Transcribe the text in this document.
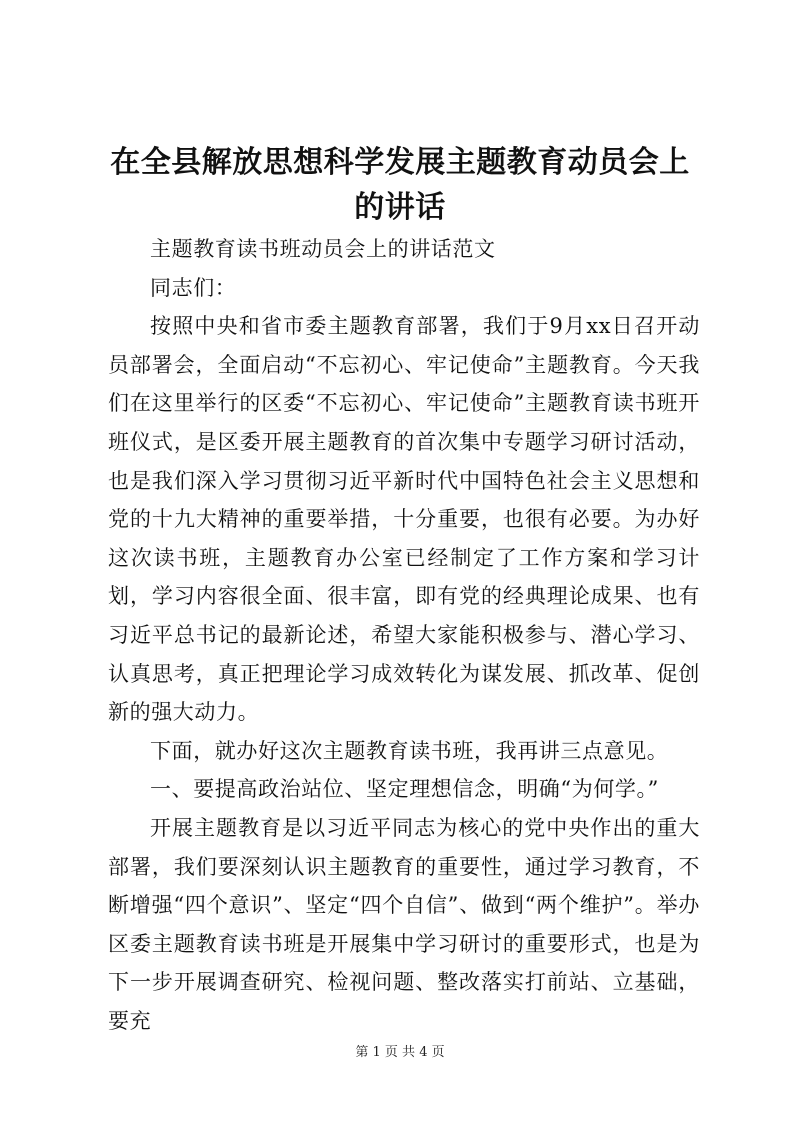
在全县解放思想科学发展主题教育动员会上的讲话

主题教育读书班动员会上的讲话范文

同志们：

按照中央和省市委主题教育部署，我们于9月xx日召开动员部署会，全面启动“不忘初心、牢记使命”主题教育。今天我们在这里举行的区委“不忘初心、牢记使命”主题教育读书班开班仪式，是区委开展主题教育的首次集中专题学习研讨活动，也是我们深入学习贯彻习近平新时代中国特色社会主义思想和党的十九大精神的重要举措，十分重要，也很有必要。为办好这次读书班，主题教育办公室已经制定了工作方案和学习计划，学习内容很全面、很丰富，即有党的经典理论成果、也有习近平总书记的最新论述，希望大家能积极参与、潜心学习、认真思考，真正把理论学习成效转化为谋发展、抓改革、促创新的强大动力。

下面，就办好这次主题教育读书班，我再讲三点意见。

一、要提高政治站位、坚定理想信念，明确“为何学。”

开展主题教育是以习近平同志为核心的党中央作出的重大部署，我们要深刻认识主题教育的重要性，通过学习教育，不断增强“四个意识”、坚定“四个自信”、做到“两个维护”。举办区委主题教育读书班是开展集中学习研讨的重要形式，也是为下一步开展调查研究、检视问题、整改落实打前站、立基础，要充

第 1 页 共 4 页
